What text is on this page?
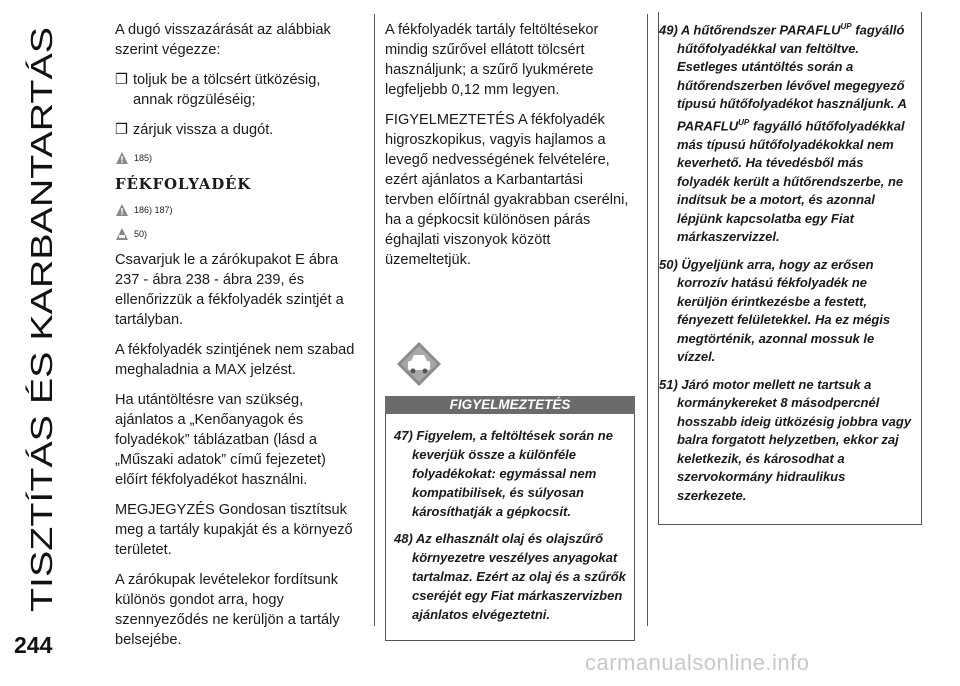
TISZTÍTÁS ÉS KARBANTARTÁS
244
carmanualsonline.info

A dugó visszazárását az alábbiak szerint végezze:

❒ toljuk be a tölcsért ütközésig, annak rögzüléséig;
❒ zárjuk vissza a dugót.
185)
FÉKFOLYADÉK
186) 187)
50)

Csavarjuk le a zárókupakot E ábra 237 - ábra 238 - ábra 239, és ellenőrizzük a fékfolyadék szintjét a tartályban.

A fékfolyadék szintjének nem szabad meghaladnia a MAX jelzést.

Ha utántöltésre van szükség, ajánlatos a „Kenőanyagok és folyadékok” táblázatban (lásd a „Műszaki adatok” című fejezetet) előírt fékfolyadékot használni.

MEGJEGYZÉS Gondosan tisztítsuk meg a tartály kupakját és a környező területet.

A zárókupak levételekor fordítsunk különös gondot arra, hogy szennyeződés ne kerüljön a tartály belsejébe.

A fékfolyadék tartály feltöltésekor mindig szűrővel ellátott tölcsért használjunk; a szűrő lyukmérete legfeljebb 0,12 mm legyen.

FIGYELMEZTETÉS A fékfolyadék higroszkopikus, vagyis hajlamos a levegő nedvességének felvételére, ezért ajánlatos a Karbantartási tervben előírtnál gyakrabban cserélni, ha a gépkocsit különösen párás éghajlati viszonyok között üzemeltetjük.

FIGYELMEZTETÉS
47) Figyelem, a feltöltések során ne keverjük össze a különféle folyadékokat: egymással nem kompatibilisek, és súlyosan károsíthatják a gépkocsit.
48) Az elhasznált olaj és olajszűrő környezetre veszélyes anyagokat tartalmaz. Ezért az olaj és a szűrők cseréjét egy Fiat márkaszervizben ajánlatos elvégeztetni.
49) A hűtőrendszer $PARAFLU^{UP}$ fagyálló hűtőfolyadékkal van feltöltve. Esetleges utántöltés során a hűtőrendszerben lévővel megegyező típusú hűtőfolyadékot használjunk. A $PARAFLU^{UP}$ fagyálló hűtőfolyadékkal más típusú hűtőfolyadékokkal nem keverhető. Ha tévedésből más folyadék került a hűtőrendszerbe, ne indítsuk be a motort, és azonnal lépjünk kapcsolatba egy Fiat márkaszervizzel.
50) Ügyeljünk arra, hogy az erősen korrozív hatású fékfolyadék ne kerüljön érintkezésbe a festett, fényezett felületekkel. Ha ez mégis megtörténik, azonnal mossuk le vízzel.
51) Járó motor mellett ne tartsuk a kormánykereket 8 másodpercnél hosszabb ideig ütközésig jobbra vagy balra forgatott helyzetben, ekkor zaj keletkezik, és károsodhat a szervokormány hidraulikus szerkezete.
